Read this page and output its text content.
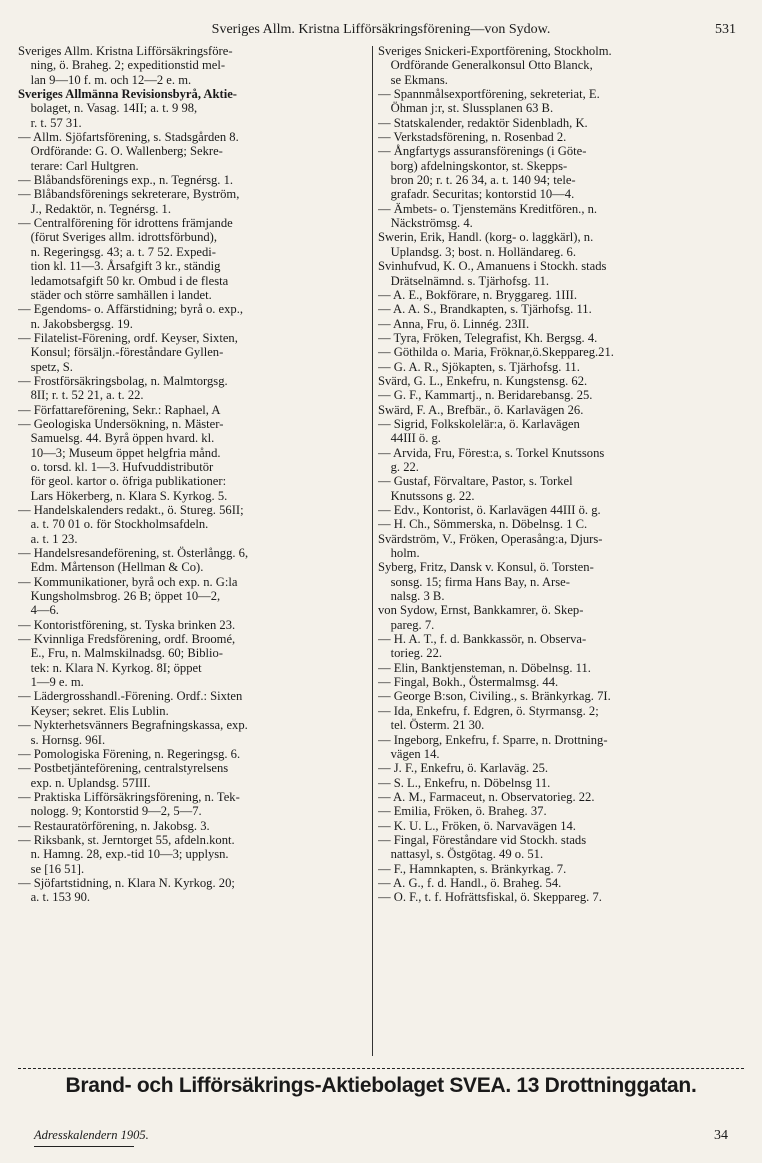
Sveriges Allm. Kristna Lifförsäkringsförening—von Sydow.	531
Sveriges Allm. Kristna Lifförsäkringsföre-
ning, ö. Braheg. 2; expeditionstid mel-
lan 9—10 f. m. och 12—2 e. m.
Sveriges Allmänna Revisionsbyrå, Aktie-
bolaget, n. Vasag. 14II; a. t. 9 98,
r. t. 57 31.
— Allm. Sjöfartsförening, s. Stadsgården 8.
Ordförande: G. O. Wallenberg; Sekre-
terare: Carl Hultgren.
— Blåbandsförenings exp., n. Tegnérsg. 1.
— Blåbandsförenings sekreterare, Byström,
J., Redaktör, n. Tegnérsg. 1.
— Centralförening för idrottens främjande
(förut Sveriges allm. idrottsförbund),
n. Regeringsg. 43; a. t. 7 52. Expedi-
tion kl. 11—3. Årsafgift 3 kr., ständig
ledamotsafgift 50 kr. Ombud i de flesta
städer och större samhällen i landet.
— Egendoms- o. Affärstidning; byrå o. exp.,
n. Jakobsbergsg. 19.
— Filatelist-Förening, ordf. Keyser, Sixten,
Konsul; försäljn.-föreståndare Gyllen-
spetz, S.
— Frostförsäkringsbolag, n. Malmtorgsg.
8II; r. t. 52 21, a. t. 22.
— Författareförening, Sekr.: Raphael, A
— Geologiska Undersökning, n. Mäster-
Samuelsg. 44. Byrå öppen hvard. kl.
10—3; Museum öppet helgfria månd.
o. torsd. kl. 1—3. Hufvuddistributör
för geol. kartor o. öfriga publikationer:
Lars Hökerberg, n. Klara S. Kyrkog. 5.
— Handelskalenders redakt., ö. Stureg. 56II;
a. t. 70 01 o. för Stockholmsafdeln.
a. t. 1 23.
— Handelsresandeförening, st. Österlångg. 6,
Edm. Mårtenson (Hellman & Co).
— Kommunikationer, byrå och exp. n. G:la
Kungsholmsbrog. 26 B; öppet 10—2,
4—6.
— Kontoristförening, st. Tyska brinken 23.
— Kvinnliga Fredsförening, ordf. Broomé,
E., Fru, n. Malmskilnadsg. 60; Biblio-
tek: n. Klara N. Kyrkog. 8I; öppet
1—9 e. m.
— Lädergrosshandl.-Förening. Ordf.: Sixten
Keyser; sekret. Elis Lublin.
— Nykterhetsvänners Begrafningskassa, exp.
s. Hornsg. 96I.
— Pomologiska Förening, n. Regeringsg. 6.
— Postbetjänteförening, centralstyrelsens
exp. n. Uplandsg. 57III.
— Praktiska Lifförsäkringsförening, n. Tek-
nologg. 9; Kontorstid 9—2, 5—7.
— Restauratörförening, n. Jakobsg. 3.
— Riksbank, st. Jerntorget 55, afdeln.kont.
n. Hamng. 28, exp.-tid 10—3; upplysn.
se [16 51].
— Sjöfartstidning, n. Klara N. Kyrkog. 20;
a. t. 153 90.
Sveriges Snickeri-Exportförening, Stockholm.
Ordförande Generalkonsul Otto Blanck,
se Ekmans.
— Spannmålsexportförening, sekreteriat, E.
Öhman j:r, st. Slussplanen 63 B.
— Statskalender, redaktör Sidenbladh, K.
— Verkstadsförening, n. Rosenbad 2.
— Ångfartygs assuransförenings (i Göte-
borg) afdelningskontor, st. Skepps-
bron 20; r. t. 26 34, a. t. 140 94; tele-
grafadr. Securitas; kontorstid 10—4.
— Ämbets- o. Tjenstemäns Kreditfören., n.
Näckströmsg. 4.
Swerin, Erik, Handl. (korg- o. laggkärl), n.
Uplandsg. 3; bost. n. Holländareg. 6.
Svinhufvud, K. O., Amanuens i Stockh. stads
Drätselnämnd. s. Tjärhofsg. 11.
— A. E., Bokförare, n. Bryggareg. 1III.
— A. A. S., Brandkapten, s. Tjärhofsg. 11.
— Anna, Fru, ö. Linnég. 23II.
— Tyra, Fröken, Telegrafist, Kh. Bergsg. 4.
— Göthilda o. Maria, Fröknar,ö.Skeppareg.21.
— G. A. R., Sjökapten, s. Tjärhofsg. 11.
Svärd, G. L., Enkefru, n. Kungstensg. 62.
— G. F., Kammartj., n. Beridarebansg. 25.
Swärd, F. A., Brefbär., ö. Karlavägen 26.
— Sigrid, Folkskolelär:a, ö. Karlavägen
44III ö. g.
— Arvida, Fru, Förest:a, s. Torkel Knutssons
g. 22.
— Gustaf, Förvaltare, Pastor, s. Torkel
Knutssons g. 22.
— Edv., Kontorist, ö. Karlavägen 44III ö. g.
— H. Ch., Sömmerska, n. Döbelnsg. 1 C.
Svärdström, V., Fröken, Operasång:a, Djurs-
holm.
Syberg, Fritz, Dansk v. Konsul, ö. Torsten-
sonsg. 15; firma Hans Bay, n. Arse-
nalsg. 3 B.
von Sydow, Ernst, Bankkamrer, ö. Skep-
pareg. 7.
— H. A. T., f. d. Bankkassör, n. Observa-
torieg. 22.
— Elin, Banktjensteman, n. Döbelnsg. 11.
— Fingal, Bokh., Östermalmsg. 44.
— George B:son, Civiling., s. Bränkyrkag. 7I.
— Ida, Enkefru, f. Edgren, ö. Styrmansg. 2;
tel. Österm. 21 30.
— Ingeborg, Enkefru, f. Sparre, n. Drottning-
vägen 14.
— J. F., Enkefru, ö. Karlaväg. 25.
— S. L., Enkefru, n. Döbelnsg 11.
— A. M., Farmaceut, n. Observatorieg. 22.
— Emilia, Fröken, ö. Braheg. 37.
— K. U. L., Fröken, ö. Narvavägen 14.
— Fingal, Föreståndare vid Stockh. stads
nattasyl, s. Östgötag. 49 o. 51.
— F., Hamnkapten, s. Bränkyrkag. 7.
— A. G., f. d. Handl., ö. Braheg. 54.
— O. F., t. f. Hofrättsfiskal, ö. Skeppareg. 7.
Brand- och Lifförsäkrings-Aktiebolaget SVEA. 13 Drottninggatan.
Adresskalendern 1905.	34
